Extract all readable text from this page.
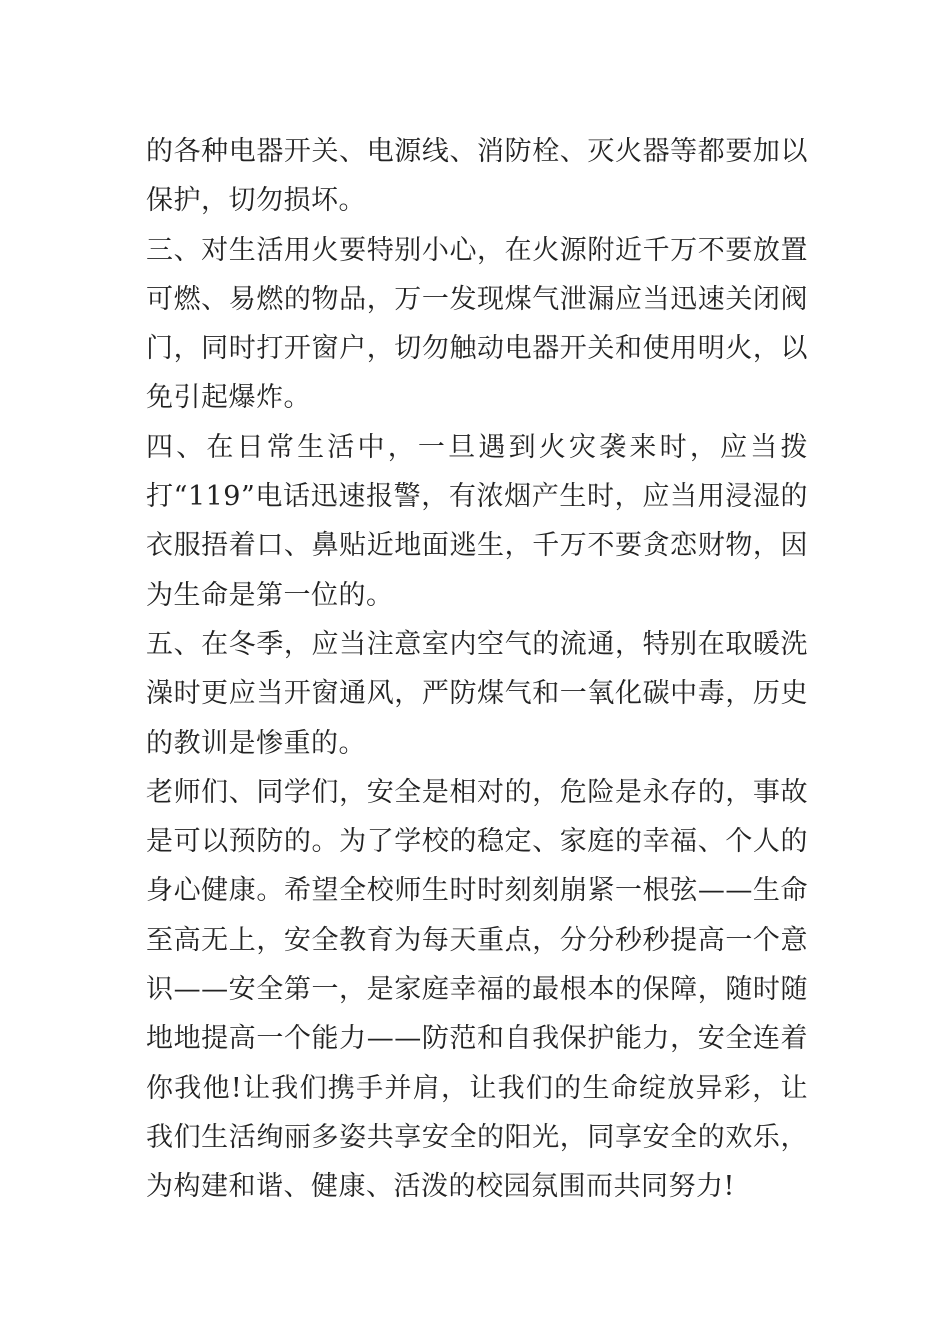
的各种电器开关、电源线、消防栓、灭火器等都要加以保护，切勿损坏。

三、对生活用火要特别小心，在火源附近千万不要放置可燃、易燃的物品，万一发现煤气泄漏应当迅速关闭阀门，同时打开窗户，切勿触动电器开关和使用明火，以免引起爆炸。

四、在日常生活中，一旦遇到火灾袭来时，应当拨打“119”电话迅速报警，有浓烟产生时，应当用浸湿的衣服捂着口、鼻贴近地面逃生，千万不要贪恋财物，因为生命是第一位的。

五、在冬季，应当注意室内空气的流通，特别在取暖洗澡时更应当开窗通风，严防煤气和一氧化碳中毒，历史的教训是惨重的。

老师们、同学们，安全是相对的，危险是永存的，事故是可以预防的。为了学校的稳定、家庭的幸福、个人的身心健康。希望全校师生时时刻刻崩紧一根弦——生命至高无上，安全教育为每天重点，分分秒秒提高一个意识——安全第一，是家庭幸福的最根本的保障，随时随地地提高一个能力——防范和自我保护能力，安全连着你我他!让我们携手并肩，让我们的生命绽放异彩，让我们生活绚丽多姿共享安全的阳光，同享安全的欢乐，为构建和谐、健康、活泼的校园氛围而共同努力!
